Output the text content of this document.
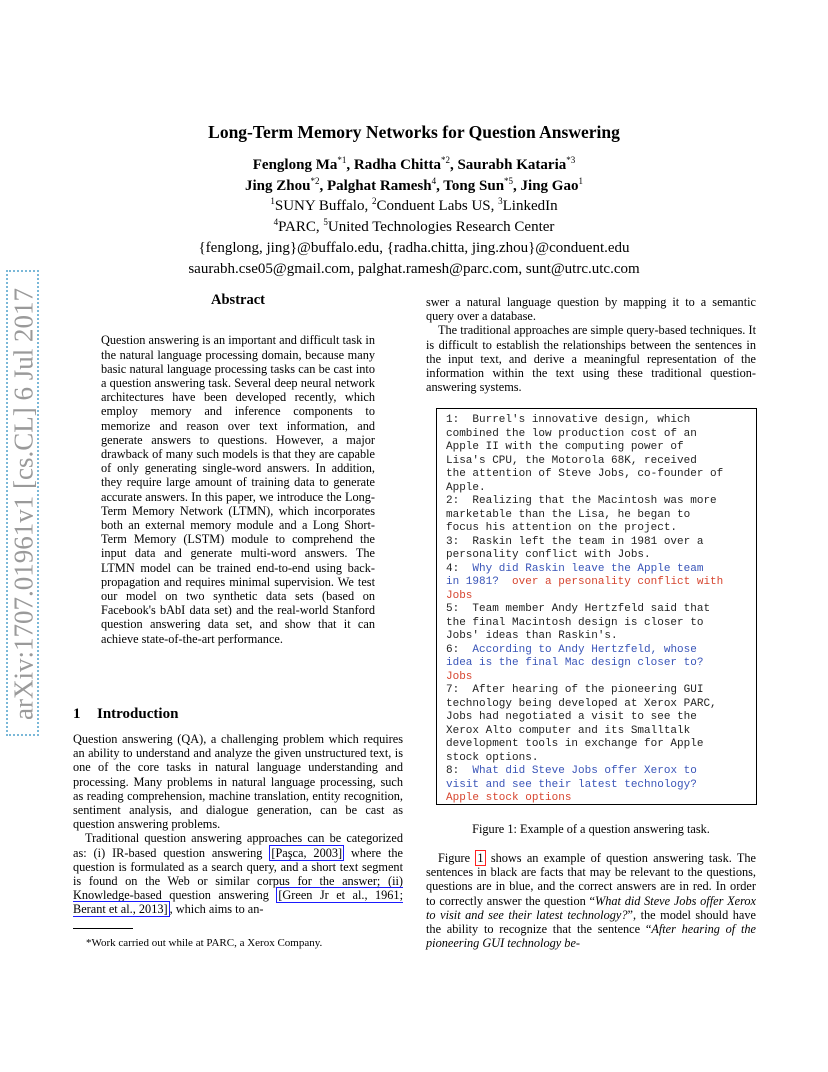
Long-Term Memory Networks for Question Answering
Fenglong Ma$^{*1}$, Radha Chitta$^{*2}$, Saurabh Kataria$^{*3}$
Jing Zhou$^{*2}$, Palghat Ramesh$^4$, Tong Sun$^{*5}$, Jing Gao$^1$
$^1$SUNY Buffalo, $^2$Conduent Labs US, $^3$LinkedIn
$^4$PARC, $^5$United Technologies Research Center
{fenglong, jing}@buffalo.edu, {radha.chitta, jing.zhou}@conduent.edu
saurabh.cse05@gmail.com, palghat.ramesh@parc.com, sunt@utrc.utc.com
arXiv:1707.01961v1 [cs.CL] 6 Jul 2017	Abstract

Question answering is an important and difficult task in the natural language processing domain, because many basic natural language processing tasks can be cast into a question answering task. Several deep neural network architectures have been developed recently, which employ memory and inference components to memorize and reason over text information, and generate answers to questions. However, a major drawback of many such models is that they are capable of only generating single-word answers. In addition, they require large amount of training data to generate accurate answers. In this paper, we introduce the Long-Term Memory Network (LTMN), which incorporates both an external memory module and a Long Short-Term Memory (LSTM) module to comprehend the input data and generate multi-word answers. The LTMN model can be trained end-to-end using back-propagation and requires minimal supervision. We test our model on two synthetic data sets (based on Facebook's bAbI data set) and the real-world Stanford question answering data set, and show that it can achieve state-of-the-art performance.

1 Introduction

Question answering (QA), a challenging problem which requires an ability to understand and analyze the given unstructured text, is one of the core tasks in natural language understanding and processing. Many problems in natural language processing, such as reading comprehension, machine translation, entity recognition, sentiment analysis, and dialogue generation, can be cast as question answering problems.

Traditional question answering approaches can be categorized as: (i) IR-based question answering [Paşca, 2003] where the question is formulated as a search query, and a short text segment is found on the Web or similar corpus for the answer; (ii) Knowledge-based question answering [Green Jr et al., 1961; Berant et al., 2013] , which aims to an-

*Work carried out while at PARC, a Xerox Company.

swer a natural language question by mapping it to a semantic query over a database.

The traditional approaches are simple query-based techniques. It is difficult to establish the relationships between the sentences in the input text, and derive a meaningful representation of the information within the text using these traditional question-answering systems.

1:  Burrel's innovative design, which
combined the low production cost of an
Apple II with the computing power of
Lisa's CPU, the Motorola 68K, received
the attention of Steve Jobs, co-founder of
Apple.
2:  Realizing that the Macintosh was more
marketable than the Lisa, he began to
focus his attention on the project.
3:  Raskin left the team in 1981 over a
personality conflict with Jobs.
4:  Why did Raskin leave the Apple team
in 1981?  over a personality conflict with
Jobs
5:  Team member Andy Hertzfeld said that
the final Macintosh design is closer to
Jobs' ideas than Raskin's.
6:  According to Andy Hertzfeld, whose
idea is the final Mac design closer to?
Jobs
7:  After hearing of the pioneering GUI
technology being developed at Xerox PARC,
Jobs had negotiated a visit to see the
Xerox Alto computer and its Smalltalk
development tools in exchange for Apple
stock options.
8:  What did Steve Jobs offer Xerox to
visit and see their latest technology?
Apple stock options
Figure 1: Example of a question answering task.

Figure 1 shows an example of question answering task. The sentences in black are facts that may be relevant to the questions, questions are in blue, and the correct answers are in red. In order to correctly answer the question “What did Steve Jobs offer Xerox to visit and see their latest technology?”, the model should have the ability to recognize that the sentence “After hearing of the pioneering GUI technology be-
